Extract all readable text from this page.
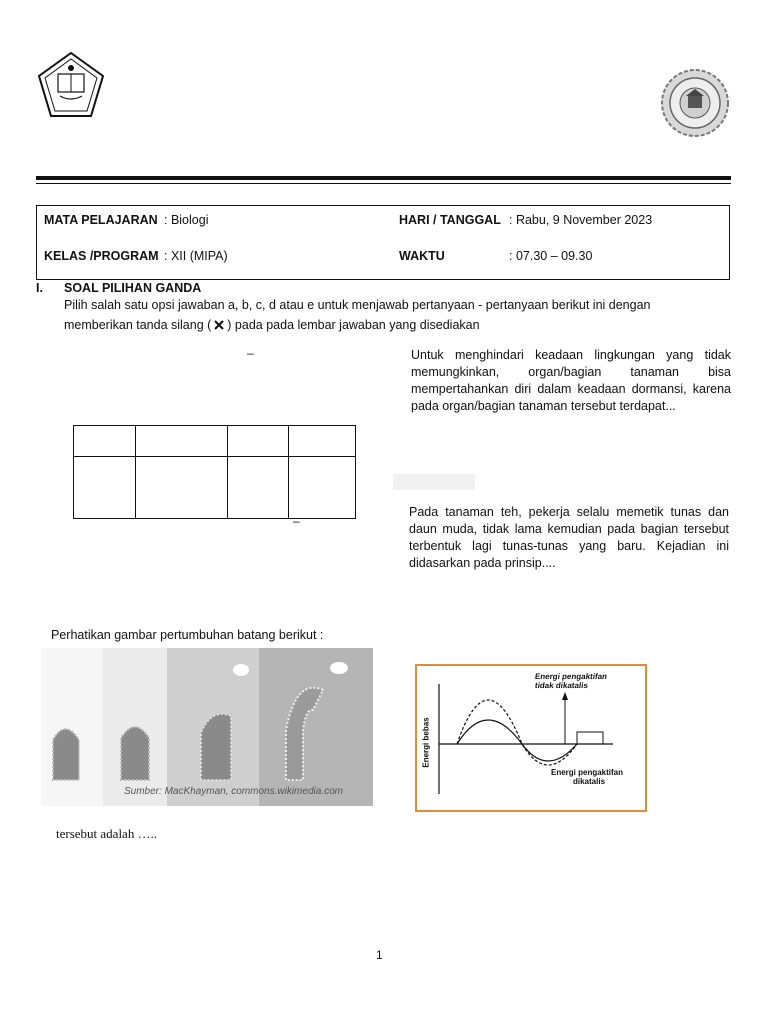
MATA PELAJARAN : Biologi	HARI / TANGGAL : Rabu, 9 November 2023
KELAS /PROGRAM : XII (MIPA)	WAKTU	: 07.30 – 09.30
I. SOAL PILIHAN GANDA
Pilih salah satu opsi jawaban a, b, c, d atau e untuk menjawab pertanyaan - pertanyaan berikut ini dengan
memberikan tanda silang ( ) pada pada lembar jawaban yang disediakan
–
–
Untuk menghindari keadaan lingkungan yang tidak memungkinkan, organ/bagian tanaman bisa mempertahankan diri dalam keadaan dormansi, karena pada organ/bagian tanaman tersebut terdapat...

Pada tanaman teh, pekerja selalu memetik tunas dan daun muda, tidak lama kemudian pada bagian tersebut terbentuk lagi tunas-tunas yang baru. Kejadian ini didasarkan pada prinsip....
Perhatikan gambar pertumbuhan batang berikut :
Sumber: MacKhayman, commons.wikimedia.com
Energi pengaktifan
tidak dikatalis
Energi pengaktifan
dikatalis
Energi bebas
tersebut adalah …..
1
